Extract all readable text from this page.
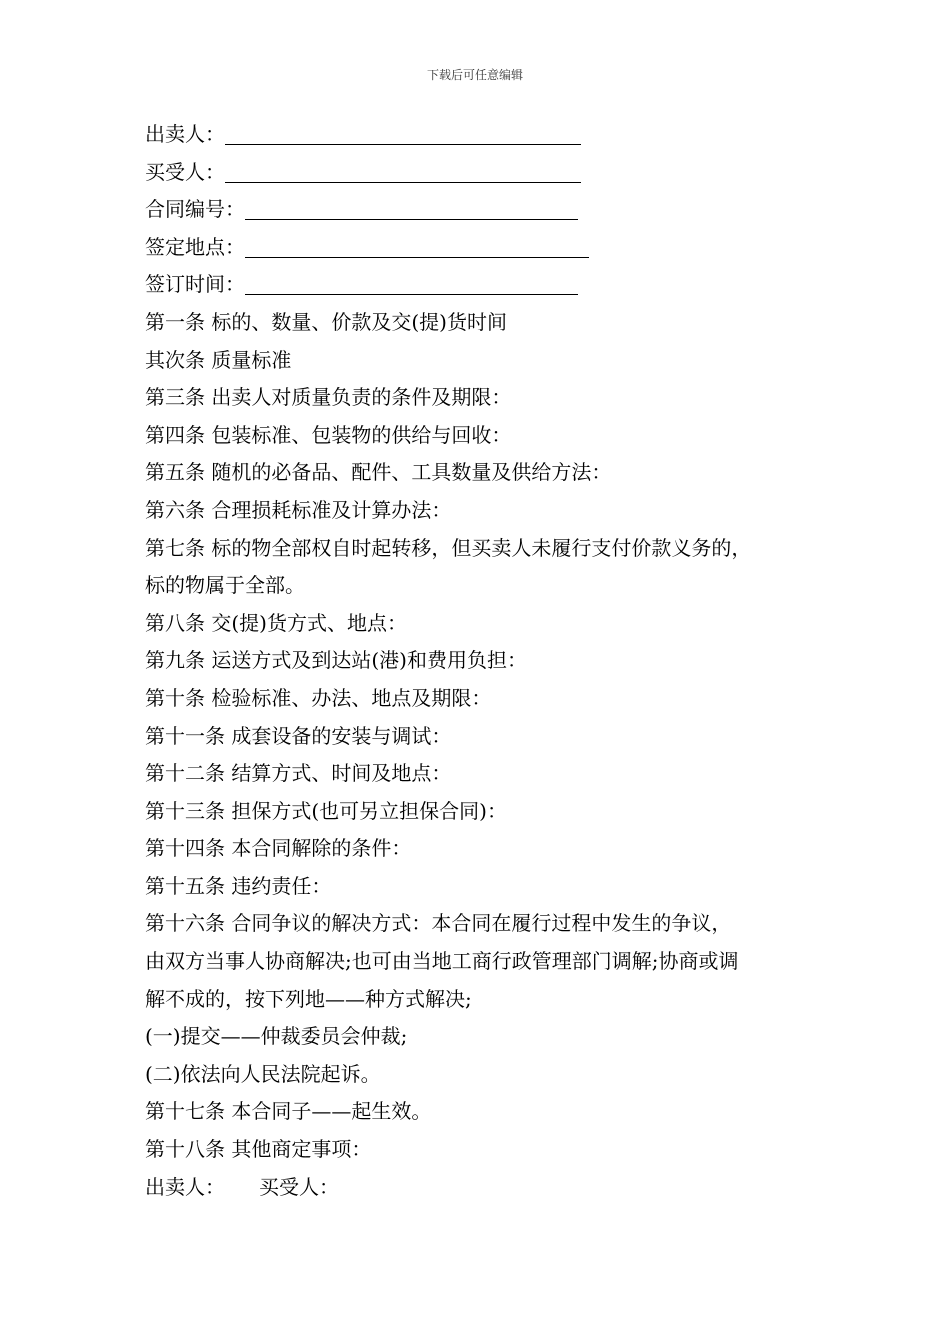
下载后可任意编辑
出卖人：
买受人：
合同编号：
签定地点：
签订时间：
第一条 标的、数量、价款及交(提)货时间
其次条 质量标准
第三条 出卖人对质量负责的条件及期限：
第四条 包装标准、包装物的供给与回收：
第五条 随机的必备品、配件、工具数量及供给方法：
第六条 合理损耗标准及计算办法：
第七条 标的物全部权自时起转移，但买卖人未履行支付价款义务的，
标的物属于全部。
第八条 交(提)货方式、地点：
第九条 运送方式及到达站(港)和费用负担：
第十条 检验标准、办法、地点及期限：
第十一条 成套设备的安装与调试：
第十二条 结算方式、时间及地点：
第十三条 担保方式(也可另立担保合同)：
第十四条 本合同解除的条件：
第十五条 违约责任：
第十六条 合同争议的解决方式：本合同在履行过程中发生的争议，
由双方当事人协商解决;也可由当地工商行政管理部门调解;协商或调
解不成的，按下列地——种方式解决;
(一)提交——仲裁委员会仲裁;
(二)依法向人民法院起诉。
第十七条 本合同子——起生效。
第十八条 其他商定事项：
出卖人： 买受人：
